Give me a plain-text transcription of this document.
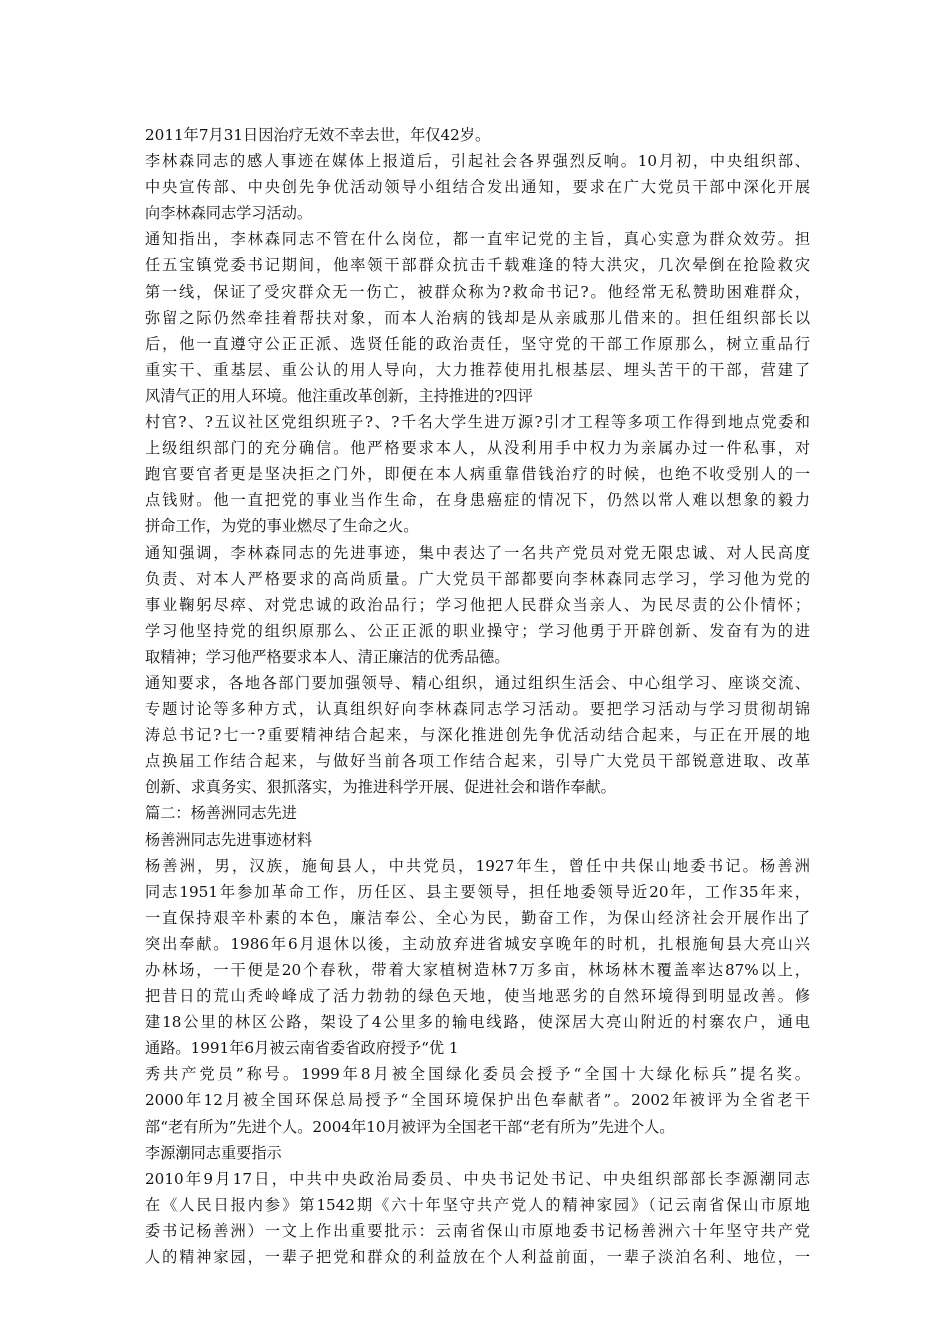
2011年7月31日因治疗无效不幸去世，年仅42岁。
李林森同志的感人事迹在媒体上报道后，引起社会各界强烈反响。10月初，中央组织部、
中央宣传部、中央创先争优活动领导小组结合发出通知，要求在广大党员干部中深化开展
向李林森同志学习活动。
通知指出，李林森同志不管在什么岗位，都一直牢记党的主旨，真心实意为群众效劳。担
任五宝镇党委书记期间，他率领干部群众抗击千载难逢的特大洪灾，几次晕倒在抢险救灾
第一线，保证了受灾群众无一伤亡，被群众称为?救命书记?。他经常无私赞助困难群众，
弥留之际仍然牵挂着帮扶对象，而本人治病的钱却是从亲戚那儿借来的。担任组织部长以
后，他一直遵守公正正派、选贤任能的政治责任，坚守党的干部工作原那么，树立重品行
重实干、重基层、重公认的用人导向，大力推荐使用扎根基层、埋头苦干的干部，营建了
风清气正的用人环境。他注重改革创新，主持推进的?四评
村官?、?五议社区党组织班子?、?千名大学生进万源?引才工程等多项工作得到地点党委和
上级组织部门的充分确信。他严格要求本人，从没利用手中权力为亲属办过一件私事，对
跑官要官者更是坚决拒之门外，即便在本人病重靠借钱治疗的时候，也绝不收受别人的一
点钱财。他一直把党的事业当作生命，在身患癌症的情况下，仍然以常人难以想象的毅力
拼命工作，为党的事业燃尽了生命之火。
通知强调，李林森同志的先进事迹，集中表达了一名共产党员对党无限忠诚、对人民高度
负责、对本人严格要求的高尚质量。广大党员干部都要向李林森同志学习，学习他为党的
事业鞠躬尽瘁、对党忠诚的政治品行；学习他把人民群众当亲人、为民尽责的公仆情怀；
学习他坚持党的组织原那么、公正正派的职业操守；学习他勇于开辟创新、发奋有为的进
取精神；学习他严格要求本人、清正廉洁的优秀品德。
通知要求，各地各部门要加强领导、精心组织，通过组织生活会、中心组学习、座谈交流、
专题讨论等多种方式，认真组织好向李林森同志学习活动。要把学习活动与学习贯彻胡锦
涛总书记?七一?重要精神结合起来，与深化推进创先争优活动结合起来，与正在开展的地
点换届工作结合起来，与做好当前各项工作结合起来，引导广大党员干部锐意进取、改革
创新、求真务实、狠抓落实，为推进科学开展、促进社会和谐作奉献。
篇二：杨善洲同志先进
杨善洲同志先进事迹材料
杨善洲，男，汉族，施甸县人，中共党员，1927年生，曾任中共保山地委书记。杨善洲
同志1951年参加革命工作，历任区、县主要领导，担任地委领导近20年，工作35年来，
一直保持艰辛朴素的本色，廉洁奉公、全心为民，勤奋工作，为保山经济社会开展作出了
突出奉献。1986年6月退休以後，主动放弃进省城安享晚年的时机，扎根施甸县大亮山兴
办林场，一干便是20个春秋，带着大家植树造林7万多亩，林场林木覆盖率达87%以上，
把昔日的荒山秃岭峰成了活力勃勃的绿色天地，使当地恶劣的自然环境得到明显改善。修
建18公里的林区公路，架设了4公里多的输电线路，使深居大亮山附近的村寨农户，通电
通路。1991年6月被云南省委省政府授予“优 1
秀共产党员”称号。1999年8月被全国绿化委员会授予“全国十大绿化标兵”提名奖。
2000年12月被全国环保总局授予“全国环境保护出色奉献者”。2002年被评为全省老干
部“老有所为”先进个人。2004年10月被评为全国老干部“老有所为”先进个人。
李源潮同志重要指示
2010年9月17日，中共中央政治局委员、中央书记处书记、中央组织部部长李源潮同志
在《人民日报内参》第1542期《六十年坚守共产党人的精神家园》（记云南省保山市原地
委书记杨善洲）一文上作出重要批示：云南省保山市原地委书记杨善洲六十年坚守共产党
人的精神家园，一辈子把党和群众的利益放在个人利益前面，一辈子淡泊名利、地位，一
